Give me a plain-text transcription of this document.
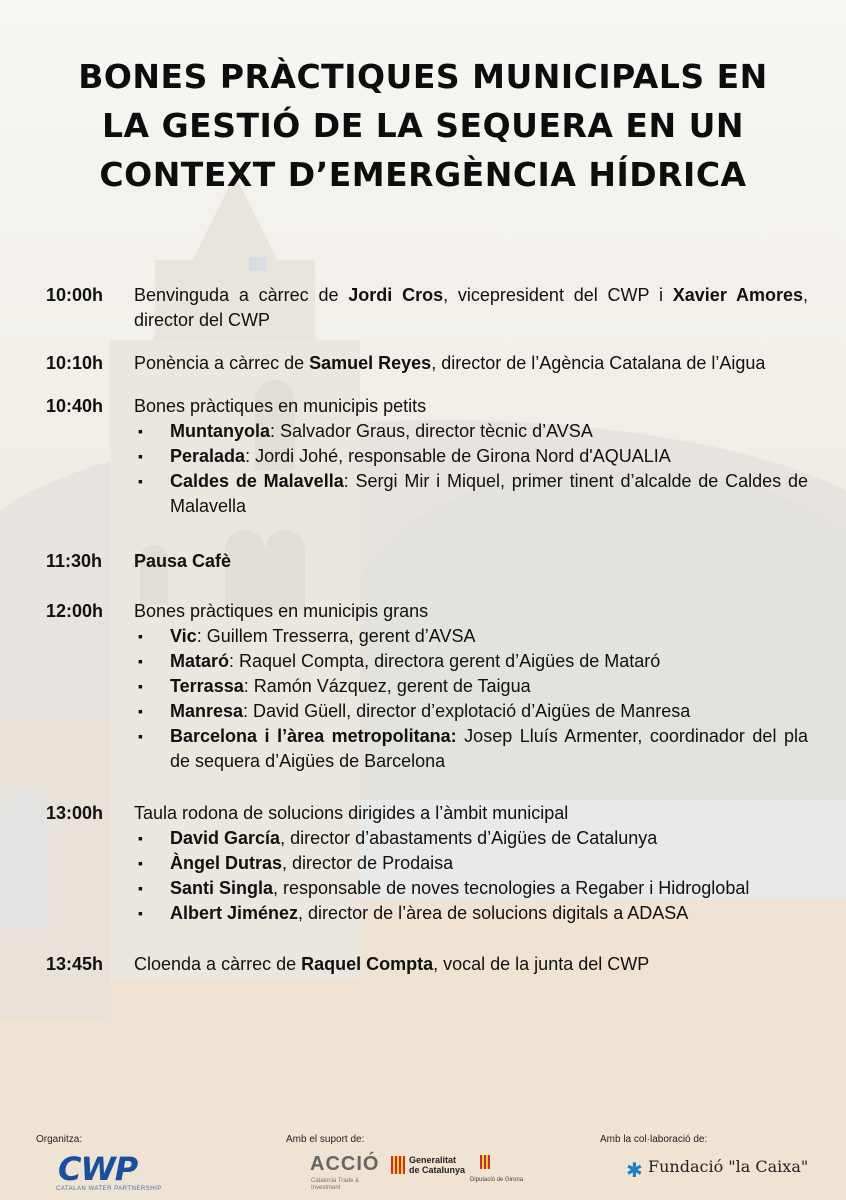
BONES PRÀCTIQUES MUNICIPALS EN
LA GESTIÓ DE LA SEQUERA EN UN
CONTEXT D’EMERGÈNCIA HÍDRICA
10:00h	Benvinguda a càrrec de Jordi Cros, vicepresident del CWP i Xavier Amores, director del CWP
10:10h	Ponència a càrrec de Samuel Reyes, director de l’Agència Catalana de l’Aigua
10:40h	Bones pràctiques en municipis petits
▪ Muntanyola: Salvador Graus, director tècnic d’AVSA
▪ Peralada: Jordi Johé, responsable de Girona Nord d'AQUALIA
▪ Caldes de Malavella: Sergi Mir i Miquel, primer tinent d’alcalde de Caldes de Malavella
11:30h	Pausa Cafè
12:00h	Bones pràctiques en municipis grans
▪ Vic: Guillem Tresserra, gerent d’AVSA
▪ Mataró: Raquel Compta, directora gerent d’Aigües de Mataró
▪ Terrassa: Ramón Vázquez, gerent de Taigua
▪ Manresa: David Güell, director d’explotació d’Aigües de Manresa
▪ Barcelona i l’àrea metropolitana: Josep Lluís Armenter, coordinador del pla de sequera d’Aigües de Barcelona
13:00h	Taula rodona de solucions dirigides a l’àmbit municipal
▪ David García, director d’abastaments d’Aigües de Catalunya
▪ Àngel Dutras, director de Prodaisa
▪ Santi Singla, responsable de noves tecnologies a Regaber i Hidroglobal
▪ Albert Jiménez, director de l’àrea de solucions digitals a ADASA
13:45h	Cloenda a càrrec de Raquel Compta, vocal de la junta del CWP
Organitza:	Amb el suport de:	Amb la col·laboració de:
CWP
CATALAN WATER PARTNERSHIP
ACCIÓ
Catalonia Trade & Investment
Generalitat
de Catalunya
Diputació de Girona	✱ Fundació "la Caixa"
